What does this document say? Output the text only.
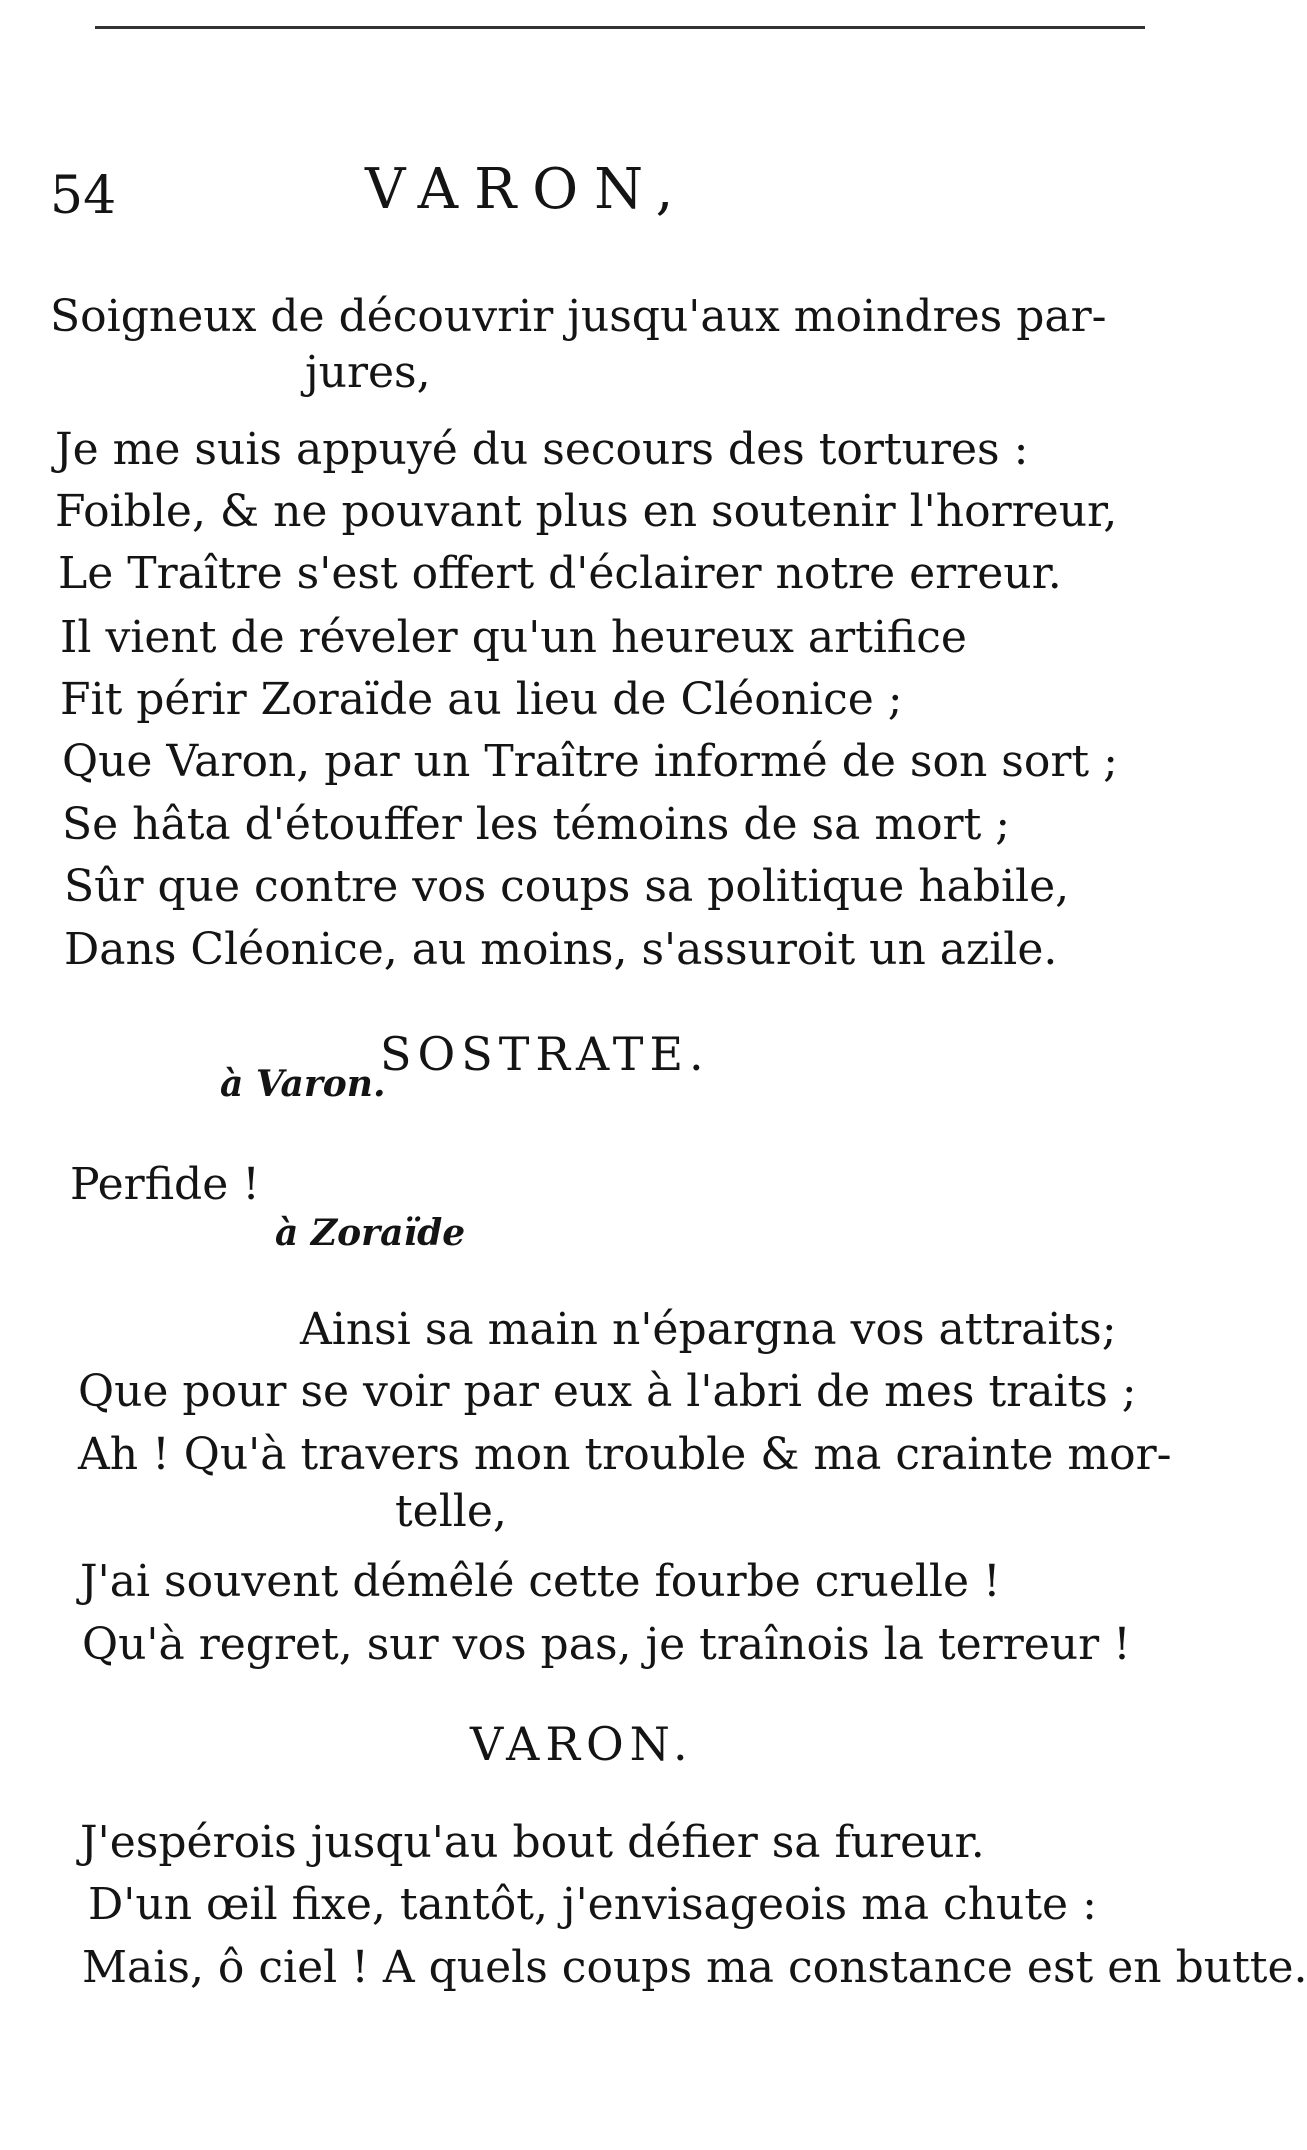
54	VARON,
Soigneux de découvrir jusqu'aux moindres par-
jures,
Je me suis appuyé du secours des tortures :
Foible, & ne pouvant plus en soutenir l'horreur,
Le Traître s'est offert d'éclairer notre erreur.
Il vient de réveler qu'un heureux artifice
Fit périr Zoraïde au lieu de Cléonice ;
Que Varon, par un Traître informé de son sort ;
Se hâta d'étouffer les témoins de sa mort ;
Sûr que contre vos coups sa politique habile,
Dans Cléonice, au moins, s'assuroit un azile.
SOSTRATE.
à Varon.
Perfide !
à Zoraïde
Ainsi sa main n'épargna vos attraits;
Que pour se voir par eux à l'abri de mes traits ;
Ah ! Qu'à travers mon trouble & ma crainte mor-
telle,
J'ai souvent démêlé cette fourbe cruelle !
Qu'à regret, sur vos pas, je traînois la terreur !
VARON.
J'espérois jusqu'au bout défier sa fureur.
D'un œil fixe, tantôt, j'envisageois ma chute :
Mais, ô ciel ! A quels coups ma constance est en butte.
